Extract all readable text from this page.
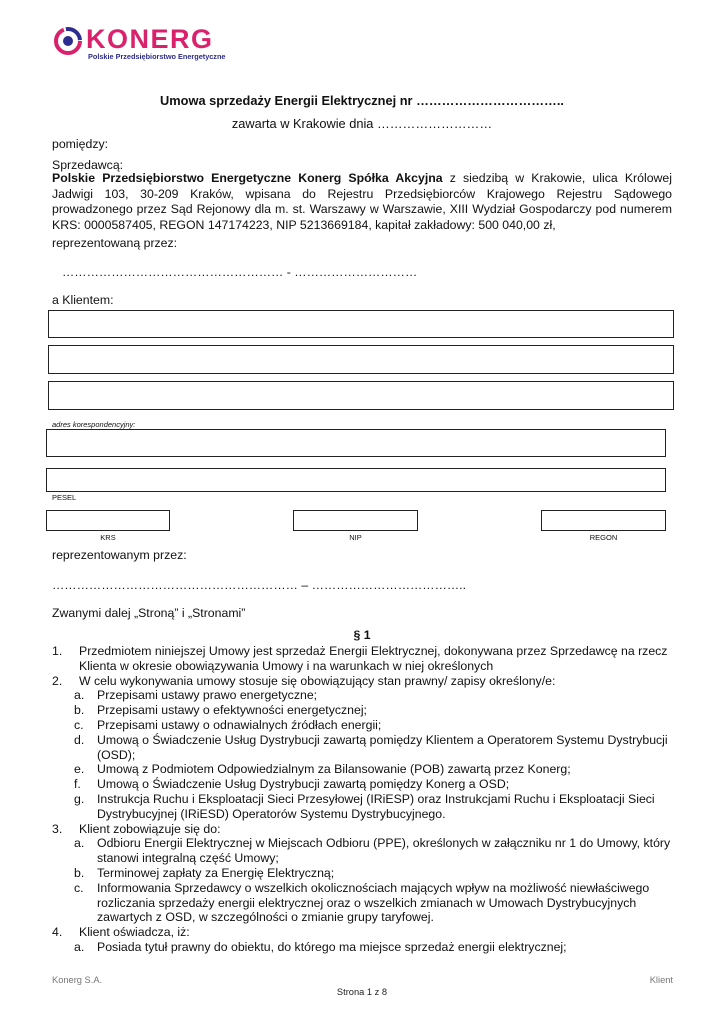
KONERG
Polskie Przedsiębiorstwo Energetyczne
Umowa sprzedaży Energii Elektrycznej nr ……………………………..
zawarta w Krakowie dnia ………………………
pomiędzy:
Sprzedawcą:
Polskie Przedsiębiorstwo Energetyczne Konerg Spółka Akcyjna z siedzibą w Krakowie, ulica Królowej Jadwigi 103, 30-209 Kraków, wpisana do Rejestru Przedsiębiorców Krajowego Rejestru Sądowego prowadzonego przez Sąd Rejonowy dla m. st. Warszawy w Warszawie, XIII Wydział Gospodarczy pod numerem KRS: 0000587405, REGON 147174223, NIP 5213669184, kapitał zakładowy: 500 040,00 zł,
reprezentowaną przez:
……………………………………………… - …………………………
a Klientem:
adres korespondencyjny:
PESEL
KRS	NIP	REGON
reprezentowanym przez:
…………………………………………………… – ………………………………..
Zwanymi dalej „Stroną” i „Stronami”
§ 1
1. Przedmiotem niniejszej Umowy jest sprzedaż Energii Elektrycznej, dokonywana przez Sprzedawcę na rzecz Klienta w okresie obowiązywania Umowy i na warunkach w niej określonych
2. W celu wykonywania umowy stosuje się obowiązujący stan prawny/ zapisy określony/e:
a. Przepisami ustawy prawo energetyczne;
b. Przepisami ustawy o efektywności energetycznej;
c. Przepisami ustawy o odnawialnych źródłach energii;
d. Umową o Świadczenie Usług Dystrybucji zawartą pomiędzy Klientem a Operatorem Systemu Dystrybucji (OSD);
e. Umową z Podmiotem Odpowiedzialnym za Bilansowanie (POB) zawartą przez Konerg;
f. Umową o Świadczenie Usług Dystrybucji zawartą pomiędzy Konerg a OSD;
g. Instrukcja Ruchu i Eksploatacji Sieci Przesyłowej (IRiESP) oraz Instrukcjami Ruchu i Eksploatacji Sieci Dystrybucyjnej (IRiESD) Operatorów Systemu Dystrybucyjnego.
3. Klient zobowiązuje się do:
a. Odbioru Energii Elektrycznej w Miejscach Odbioru (PPE), określonych w załączniku nr 1 do Umowy, który stanowi integralną część Umowy;
b. Terminowej zapłaty za Energię Elektryczną;
c. Informowania Sprzedawcy o wszelkich okolicznościach mających wpływ na możliwość niewłaściwego rozliczania sprzedaży energii elektrycznej oraz o wszelkich zmianach w Umowach Dystrybucyjnych zawartych z OSD, w szczególności o zmianie grupy taryfowej.
4. Klient oświadcza, iż:
a. Posiada tytuł prawny do obiektu, do którego ma miejsce sprzedaż energii elektrycznej;
Konerg S.A.	Klient
Strona 1 z 8
